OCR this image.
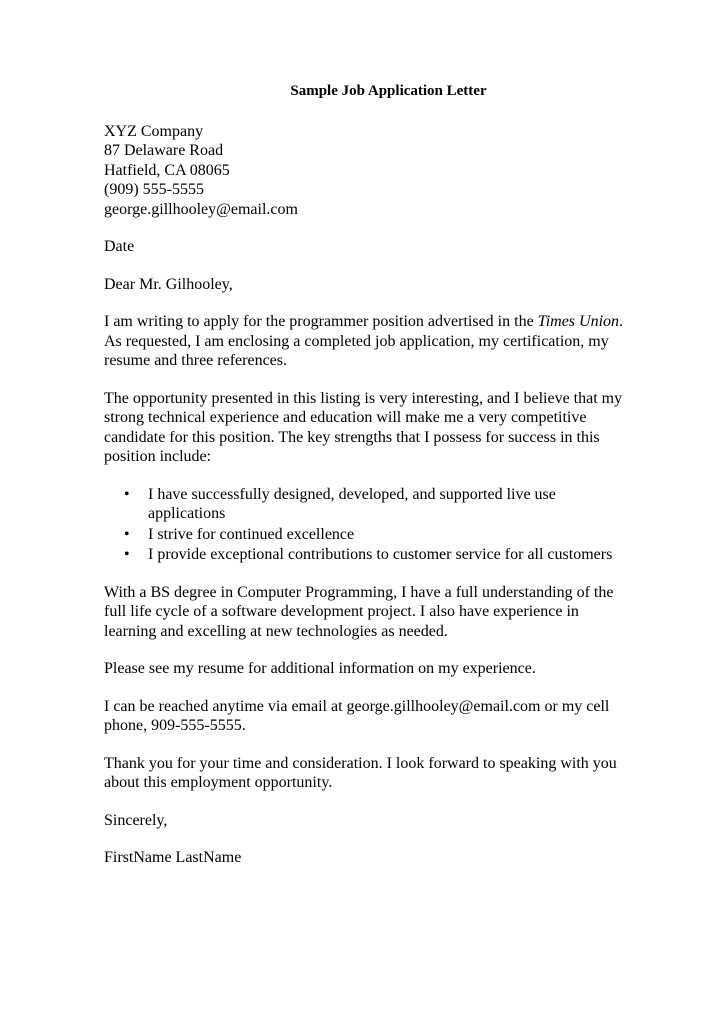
Sample Job Application Letter
XYZ Company
87 Delaware Road
Hatfield, CA 08065
(909) 555-5555
george.gillhooley@email.com

Date

Dear Mr. Gilhooley,

I am writing to apply for the programmer position advertised in the Times Union. As requested, I am enclosing a completed job application, my certification, my resume and three references.

The opportunity presented in this listing is very interesting, and I believe that my strong technical experience and education will make me a very competitive candidate for this position. The key strengths that I possess for success in this position include:

• I have successfully designed, developed, and supported live use applications
• I strive for continued excellence
• I provide exceptional contributions to customer service for all customers

With a BS degree in Computer Programming, I have a full understanding of the full life cycle of a software development project. I also have experience in learning and excelling at new technologies as needed.

Please see my resume for additional information on my experience.

I can be reached anytime via email at george.gillhooley@email.com or my cell phone, 909-555-5555.

Thank you for your time and consideration. I look forward to speaking with you about this employment opportunity.

Sincerely,

FirstName LastName
